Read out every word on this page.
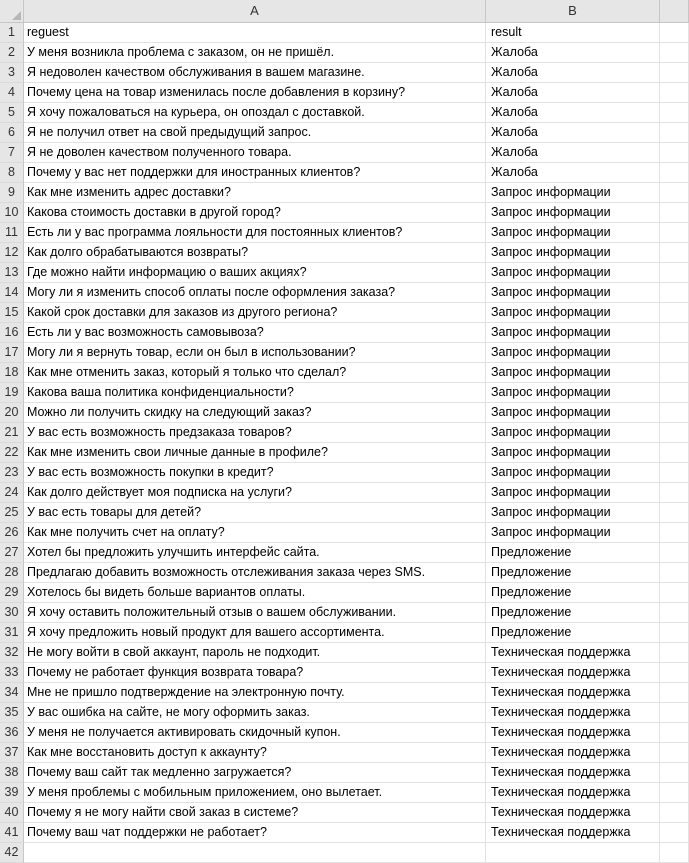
A	B
1 reguest	result
2 У меня возникла проблема с заказом, он не пришёл.	Жалоба
3 Я недоволен качеством обслуживания в вашем магазине.	Жалоба
4 Почему цена на товар изменилась после добавления в корзину?	Жалоба
5 Я хочу пожаловаться на курьера, он опоздал с доставкой.	Жалоба
6 Я не получил ответ на свой предыдущий запрос.	Жалоба
7 Я не доволен качеством полученного товара.	Жалоба
8 Почему у вас нет поддержки для иностранных клиентов?	Жалоба
9 Как мне изменить адрес доставки?	Запрос информации
10 Какова стоимость доставки в другой город?	Запрос информации
11 Есть ли у вас программа лояльности для постоянных клиентов?	Запрос информации
12 Как долго обрабатываются возвраты?	Запрос информации
13 Где можно найти информацию о ваших акциях?	Запрос информации
14 Могу ли я изменить способ оплаты после оформления заказа?	Запрос информации
15 Какой срок доставки для заказов из другого региона?	Запрос информации
16 Есть ли у вас возможность самовывоза?	Запрос информации
17 Могу ли я вернуть товар, если он был в использовании?	Запрос информации
18 Как мне отменить заказ, который я только что сделал?	Запрос информации
19 Какова ваша политика конфиденциальности?	Запрос информации
20 Можно ли получить скидку на следующий заказ?	Запрос информации
21 У вас есть возможность предзаказа товаров?	Запрос информации
22 Как мне изменить свои личные данные в профиле?	Запрос информации
23 У вас есть возможность покупки в кредит?	Запрос информации
24 Как долго действует моя подписка на услуги?	Запрос информации
25 У вас есть товары для детей?	Запрос информации
26 Как мне получить счет на оплату?	Запрос информации
27 Хотел бы предложить улучшить интерфейс сайта.	Предложение
28 Предлагаю добавить возможность отслеживания заказа через SMS.	Предложение
29 Хотелось бы видеть больше вариантов оплаты.	Предложение
30 Я хочу оставить положительный отзыв о вашем обслуживании.	Предложение
31 Я хочу предложить новый продукт для вашего ассортимента.	Предложение
32 Не могу войти в свой аккаунт, пароль не подходит.	Техническая поддержка
33 Почему не работает функция возврата товара?	Техническая поддержка
34 Мне не пришло подтверждение на электронную почту.	Техническая поддержка
35 У вас ошибка на сайте, не могу оформить заказ.	Техническая поддержка
36 У меня не получается активировать скидочный купон.	Техническая поддержка
37 Как мне восстановить доступ к аккаунту?	Техническая поддержка
38 Почему ваш сайт так медленно загружается?	Техническая поддержка
39 У меня проблемы с мобильным приложением, оно вылетает.	Техническая поддержка
40 Почему я не могу найти свой заказ в системе?	Техническая поддержка
41 Почему ваш чат поддержки не работает?	Техническая поддержка
42
